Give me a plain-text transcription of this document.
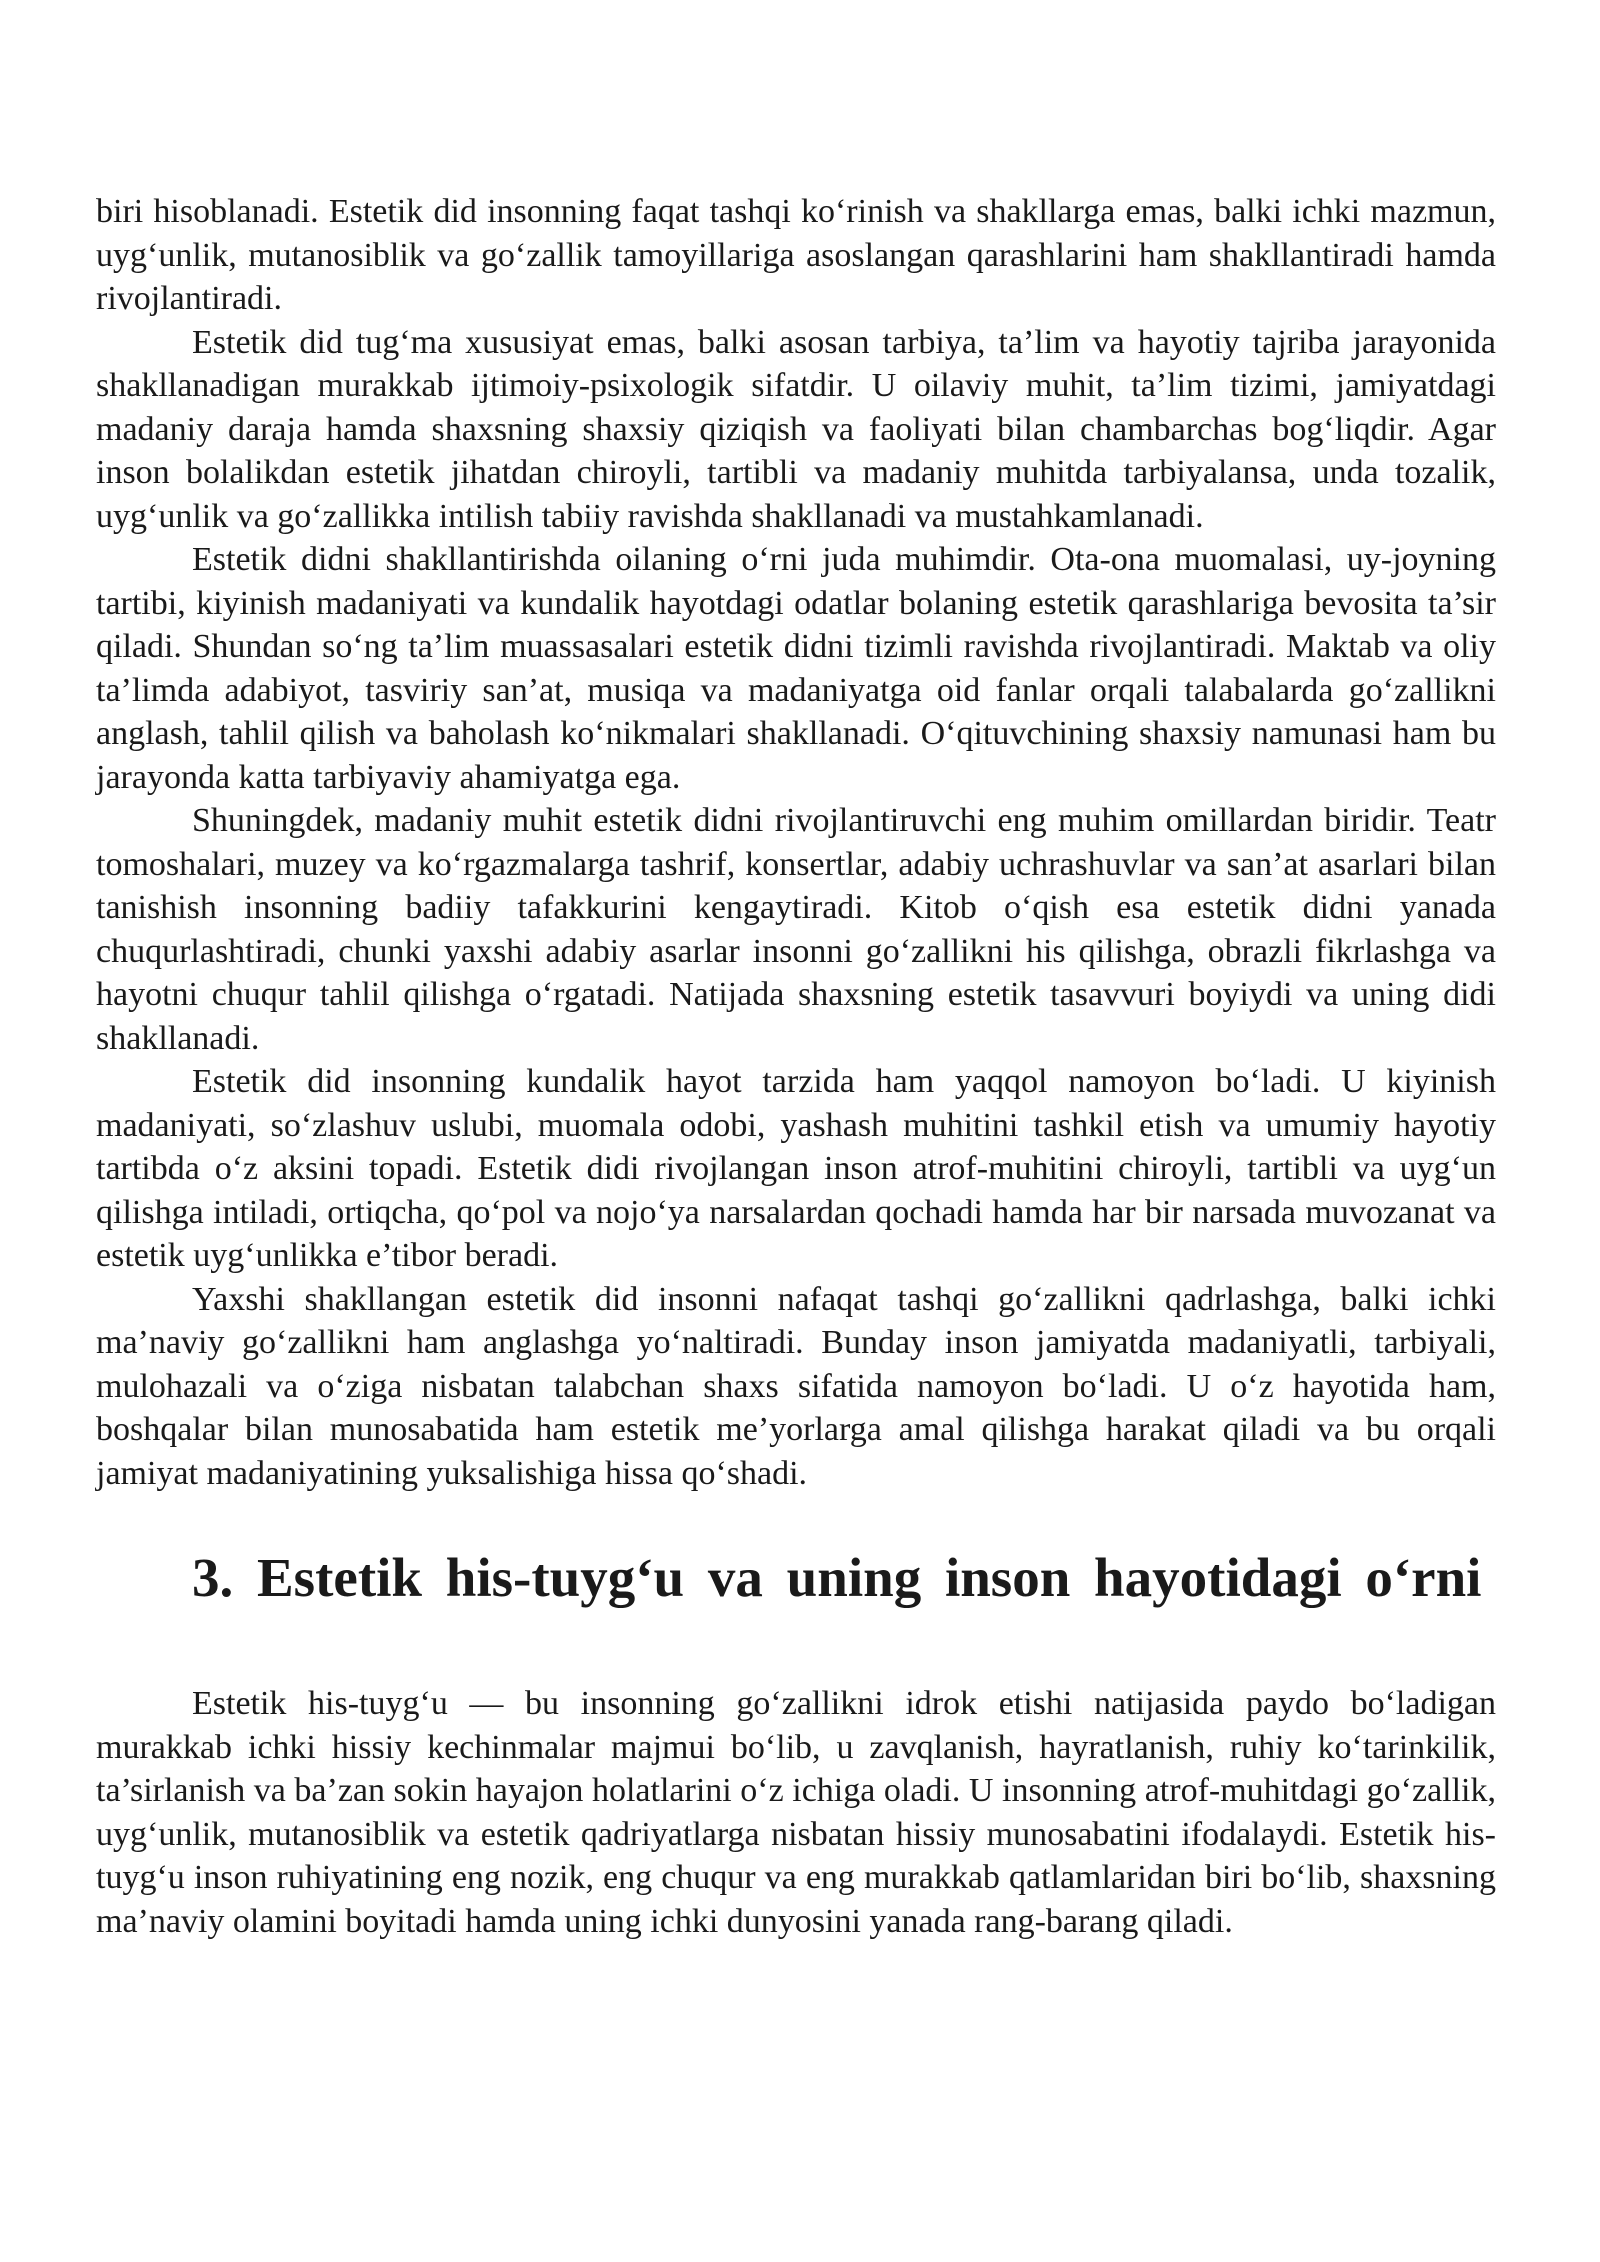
biri hisoblanadi. Estetik did insonning faqat tashqi ko‘rinish va shakllarga emas, balki ichki mazmun, uyg‘unlik, mutanosiblik va go‘zallik tamoyillariga asoslangan qarashlarini ham shakllantiradi hamda rivojlantiradi.

Estetik did tug‘ma xususiyat emas, balki asosan tarbiya, ta’lim va hayotiy tajriba jarayonida shakllanadigan murakkab ijtimoiy-psixologik sifatdir. U oilaviy muhit, ta’lim tizimi, jamiyatdagi madaniy daraja hamda shaxsning shaxsiy qiziqish va faoliyati bilan chambarchas bog‘liqdir. Agar inson bolalikdan estetik jihatdan chiroyli, tartibli va madaniy muhitda tarbiyalansa, unda tozalik, uyg‘unlik va go‘zallikka intilish tabiiy ravishda shakllanadi va mustahkamlanadi.

Estetik didni shakllantirishda oilaning o‘rni juda muhimdir. Ota-ona muomalasi, uy-joyning tartibi, kiyinish madaniyati va kundalik hayotdagi odatlar bolaning estetik qarashlariga bevosita ta’sir qiladi. Shundan so‘ng ta’lim muassasalari estetik didni tizimli ravishda rivojlantiradi. Maktab va oliy ta’limda adabiyot, tasviriy san’at, musiqa va madaniyatga oid fanlar orqali talabalarda go‘zallikni anglash, tahlil qilish va baholash ko‘nikmalari shakllanadi. O‘qituvchining shaxsiy namunasi ham bu jarayonda katta tarbiyaviy ahamiyatga ega.

Shuningdek, madaniy muhit estetik didni rivojlantiruvchi eng muhim omillardan biridir. Teatr tomoshalari, muzey va ko‘rgazmalarga tashrif, konsertlar, adabiy uchrashuvlar va san’at asarlari bilan tanishish insonning badiiy tafakkurini kengaytiradi. Kitob o‘qish esa estetik didni yanada chuqurlashtiradi, chunki yaxshi adabiy asarlar insonni go‘zallikni his qilishga, obrazli fikrlashga va hayotni chuqur tahlil qilishga o‘rgatadi. Natijada shaxsning estetik tasavvuri boyiydi va uning didi shakllanadi.

Estetik did insonning kundalik hayot tarzida ham yaqqol namoyon bo‘ladi. U kiyinish madaniyati, so‘zlashuv uslubi, muomala odobi, yashash muhitini tashkil etish va umumiy hayotiy tartibda o‘z aksini topadi. Estetik didi rivojlangan inson atrof-muhitini chiroyli, tartibli va uyg‘un qilishga intiladi, ortiqcha, qo‘pol va nojo‘ya narsalardan qochadi hamda har bir narsada muvozanat va estetik uyg‘unlikka e’tibor beradi.

Yaxshi shakllangan estetik did insonni nafaqat tashqi go‘zallikni qadrlashga, balki ichki ma’naviy go‘zallikni ham anglashga yo‘naltiradi. Bunday inson jamiyatda madaniyatli, tarbiyali, mulohazali va o‘ziga nisbatan talabchan shaxs sifatida namoyon bo‘ladi. U o‘z hayotida ham, boshqalar bilan munosabatida ham estetik me’yorlarga amal qilishga harakat qiladi va bu orqali jamiyat madaniyatining yuksalishiga hissa qo‘shadi.

3. Estetik his-tuyg‘u va uning inson hayotidagi o‘rni

Estetik his-tuyg‘u — bu insonning go‘zallikni idrok etishi natijasida paydo bo‘ladigan murakkab ichki hissiy kechinmalar majmui bo‘lib, u zavqlanish, hayratlanish, ruhiy ko‘tarinkilik, ta’sirlanish va ba’zan sokin hayajon holatlarini o‘z ichiga oladi. U insonning atrof-muhitdagi go‘zallik, uyg‘unlik, mutanosiblik va estetik qadriyatlarga nisbatan hissiy munosabatini ifodalaydi. Estetik his-tuyg‘u inson ruhiyatining eng nozik, eng chuqur va eng murakkab qatlamlaridan biri bo‘lib, shaxsning ma’naviy olamini boyitadi hamda uning ichki dunyosini yanada rang-barang qiladi.
